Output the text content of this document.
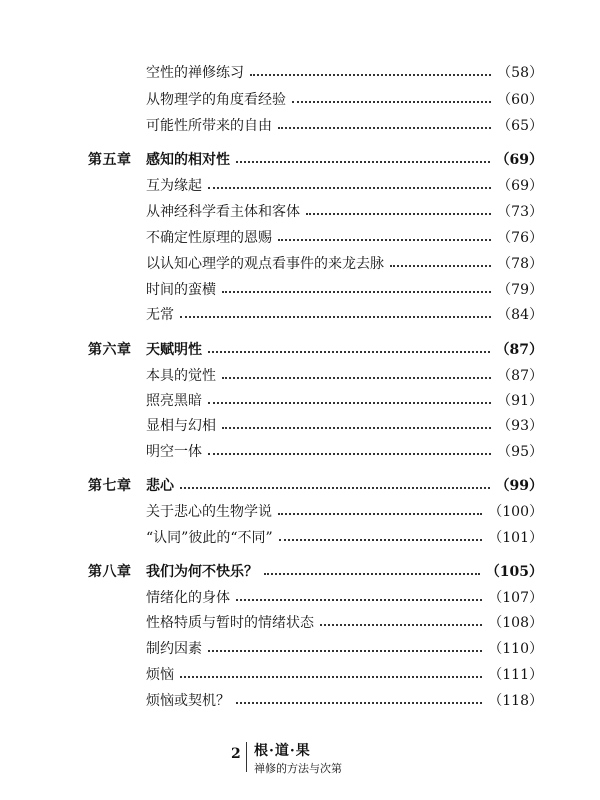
空性的禅修练习	（58）
从物理学的角度看经验	（60）
可能性所带来的自由	（65）
第五章	感知的相对性	（69）
互为缘起	（69）
从神经科学看主体和客体	（73）
不确定性原理的恩赐	（76）
以认知心理学的观点看事件的来龙去脉	（78）
时间的蛮横	（79）
无常	（84）
第六章	天赋明性	（87）
本具的觉性	（87）
照亮黑暗	（91）
显相与幻相	（93）
明空一体	（95）
第七章	悲心	（99）
关于悲心的生物学说	（100）
“认同”彼此的“不同”	（101）
第八章	我们为何不快乐？	（105）
情绪化的身体	（107）
性格特质与暂时的情绪状态	（108）
制约因素	（110）
烦恼	（111）
烦恼或契机？	（118）
2 根·道·果
禅修的方法与次第
